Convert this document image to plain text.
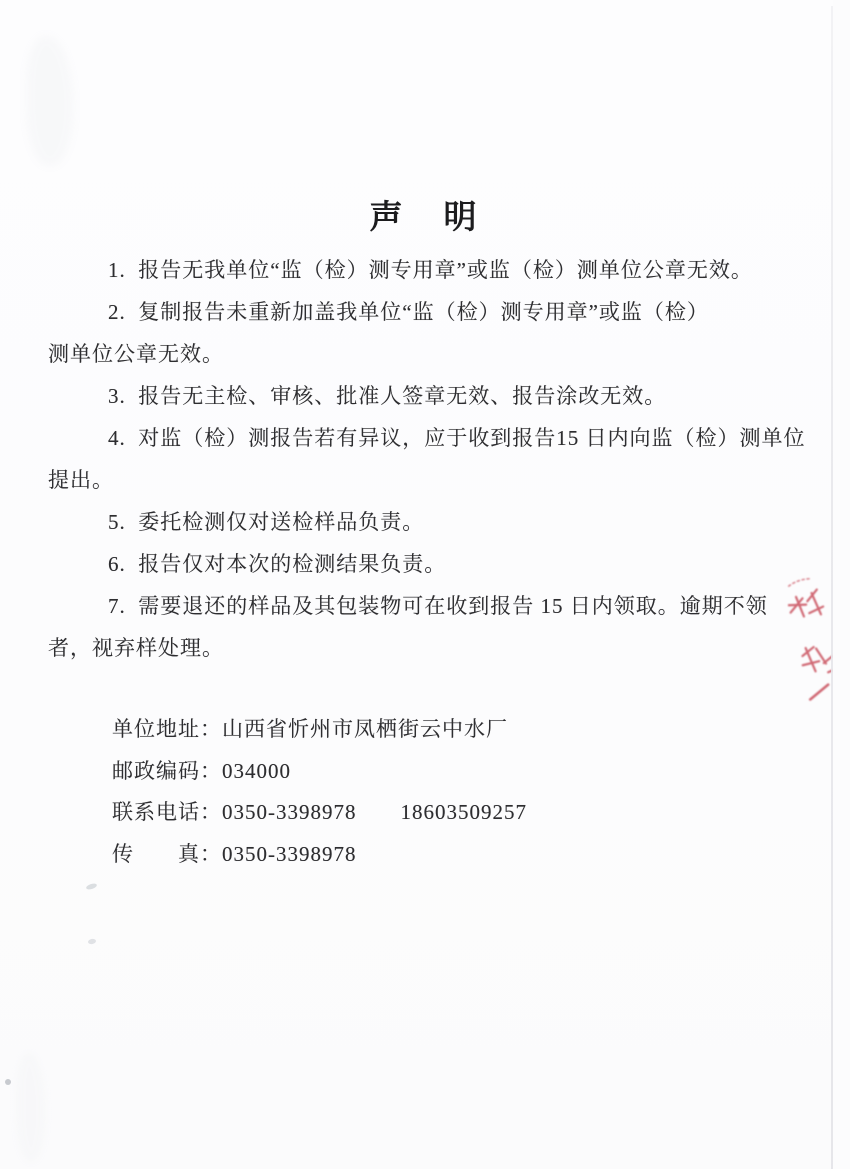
声　明
1.  报告无我单位“监（检）测专用章”或监（检）测单位公章无效。
2.  复制报告未重新加盖我单位“监（检）测专用章”或监（检）
测单位公章无效。
3.  报告无主检、审核、批准人签章无效、报告涂改无效。
4.  对监（检）测报告若有异议，应于收到报告15 日内向监（检）测单位
提出。
5.  委托检测仅对送检样品负责。
6.  报告仅对本次的检测结果负责。
7.  需要退还的样品及其包装物可在收到报告 15 日内领取。逾期不领
者，视弃样处理。
单位地址：山西省忻州市凤栖街云中水厂
邮政编码：034000
联系电话：0350-3398978　　18603509257
传　　真：0350-3398978
